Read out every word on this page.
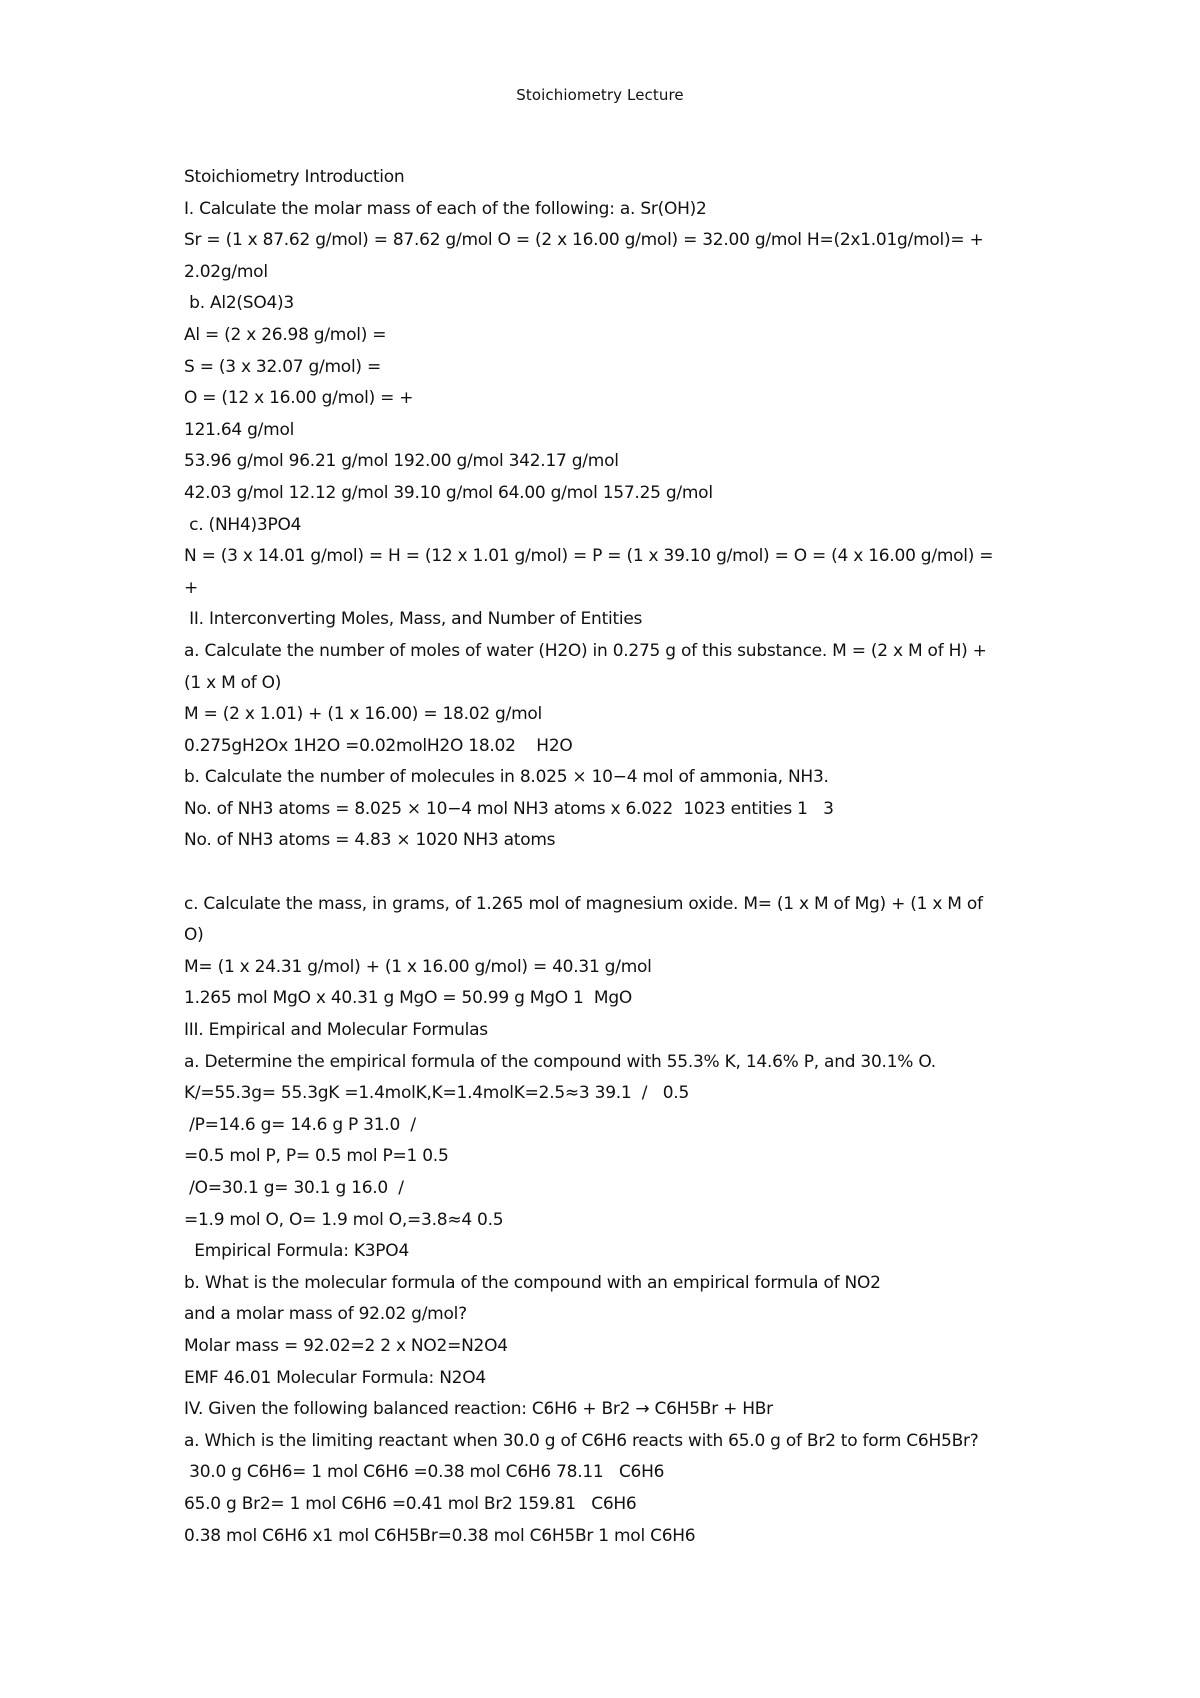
Stoichiometry Lecture
Stoichiometry Introduction
I. Calculate the molar mass of each of the following: a. Sr(OH)2
Sr = (1 x 87.62 g/mol) = 87.62 g/mol O = (2 x 16.00 g/mol) = 32.00 g/mol H=(2x1.01g/mol)= +
2.02g/mol
b. Al2(SO4)3
Al = (2 x 26.98 g/mol) =
S = (3 x 32.07 g/mol) =
O = (12 x 16.00 g/mol) = +
121.64 g/mol
53.96 g/mol 96.21 g/mol 192.00 g/mol 342.17 g/mol
42.03 g/mol 12.12 g/mol 39.10 g/mol 64.00 g/mol 157.25 g/mol
c. (NH4)3PO4
N = (3 x 14.01 g/mol) = H = (12 x 1.01 g/mol) = P = (1 x 39.10 g/mol) = O = (4 x 16.00 g/mol) =
+
II. Interconverting Moles, Mass, and Number of Entities
a. Calculate the number of moles of water (H2O) in 0.275 g of this substance. M = (2 x M of H) +
(1 x M of O)
M = (2 x 1.01) + (1 x 16.00) = 18.02 g/mol
0.275gH2Ox 1H2O =0.02molH2O 18.02    H2O
b. Calculate the number of molecules in 8.025 × 10−4 mol of ammonia, NH3.
No. of NH3 atoms = 8.025 × 10−4 mol NH3 atoms x 6.022  1023 entities 1   3
No. of NH3 atoms = 4.83 × 1020 NH3 atoms
c. Calculate the mass, in grams, of 1.265 mol of magnesium oxide. M= (1 x M of Mg) + (1 x M of
O)
M= (1 x 24.31 g/mol) + (1 x 16.00 g/mol) = 40.31 g/mol
1.265 mol MgO x 40.31 g MgO = 50.99 g MgO 1  MgO
III. Empirical and Molecular Formulas
a. Determine the empirical formula of the compound with 55.3% K, 14.6% P, and 30.1% O.
K/=55.3g= 55.3gK =1.4molK,K=1.4molK=2.5≈3 39.1  /   0.5
/P=14.6 g= 14.6 g P 31.0  /
=0.5 mol P, P= 0.5 mol P=1 0.5
/O=30.1 g= 30.1 g 16.0  /
=1.9 mol O, O= 1.9 mol O,=3.8≈4 0.5
Empirical Formula: K3PO4
b. What is the molecular formula of the compound with an empirical formula of NO2
and a molar mass of 92.02 g/mol?
Molar mass = 92.02=2 2 x NO2=N2O4
EMF 46.01 Molecular Formula: N2O4
IV. Given the following balanced reaction: C6H6 + Br2 → C6H5Br + HBr
a. Which is the limiting reactant when 30.0 g of C6H6 reacts with 65.0 g of Br2 to form C6H5Br?
30.0 g C6H6= 1 mol C6H6 =0.38 mol C6H6 78.11   C6H6
65.0 g Br2= 1 mol C6H6 =0.41 mol Br2 159.81   C6H6
0.38 mol C6H6 x1 mol C6H5Br=0.38 mol C6H5Br 1 mol C6H6
